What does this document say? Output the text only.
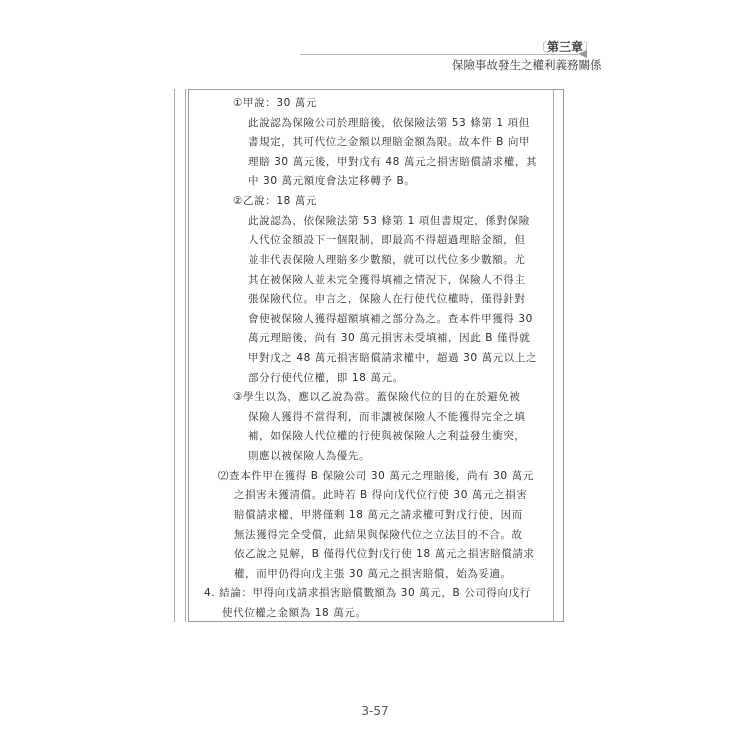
〔第三章〕
保險事故發生之權利義務關係
①甲說：30 萬元
此說認為保險公司於理賠後，依保險法第 53 條第 1 項但
書規定，其可代位之金額以理賠金額為限。故本件 B 向甲
理賠 30 萬元後，甲對戊有 48 萬元之損害賠償請求權，其
中 30 萬元額度會法定移轉予 B。
②乙說：18 萬元
此說認為，依保險法第 53 條第 1 項但書規定，係對保險
人代位金額設下一個限制，即最高不得超過理賠金額，但
並非代表保險人理賠多少數額，就可以代位多少數額。尤
其在被保險人並未完全獲得填補之情況下，保險人不得主
張保險代位。申言之，保險人在行使代位權時，僅得針對
會使被保險人獲得超額填補之部分為之。查本件甲獲得 30
萬元理賠後，尚有 30 萬元損害未受填補，因此 B 僅得就
甲對戊之 48 萬元損害賠償請求權中，超過 30 萬元以上之
部分行使代位權，即 18 萬元。
③學生以為，應以乙說為當。蓋保險代位的目的在於避免被
保險人獲得不當得利，而非讓被保險人不能獲得完全之填
補，如保險人代位權的行使與被保險人之利益發生衝突，
則應以被保險人為優先。
⑵查本件甲在獲得 B 保險公司 30 萬元之理賠後，尚有 30 萬元
之損害未獲清償。此時若 B 得向戊代位行使 30 萬元之損害
賠償請求權，甲將僅剩 18 萬元之請求權可對戊行使，因而
無法獲得完全受償，此結果與保險代位之立法目的不合。故
依乙說之見解，B 僅得代位對戊行使 18 萬元之損害賠償請求
權，而甲仍得向戊主張 30 萬元之損害賠償，始為妥適。
4. 結論：甲得向戊請求損害賠償數額為 30 萬元，B 公司得向戊行
使代位權之金額為 18 萬元。
3-57
